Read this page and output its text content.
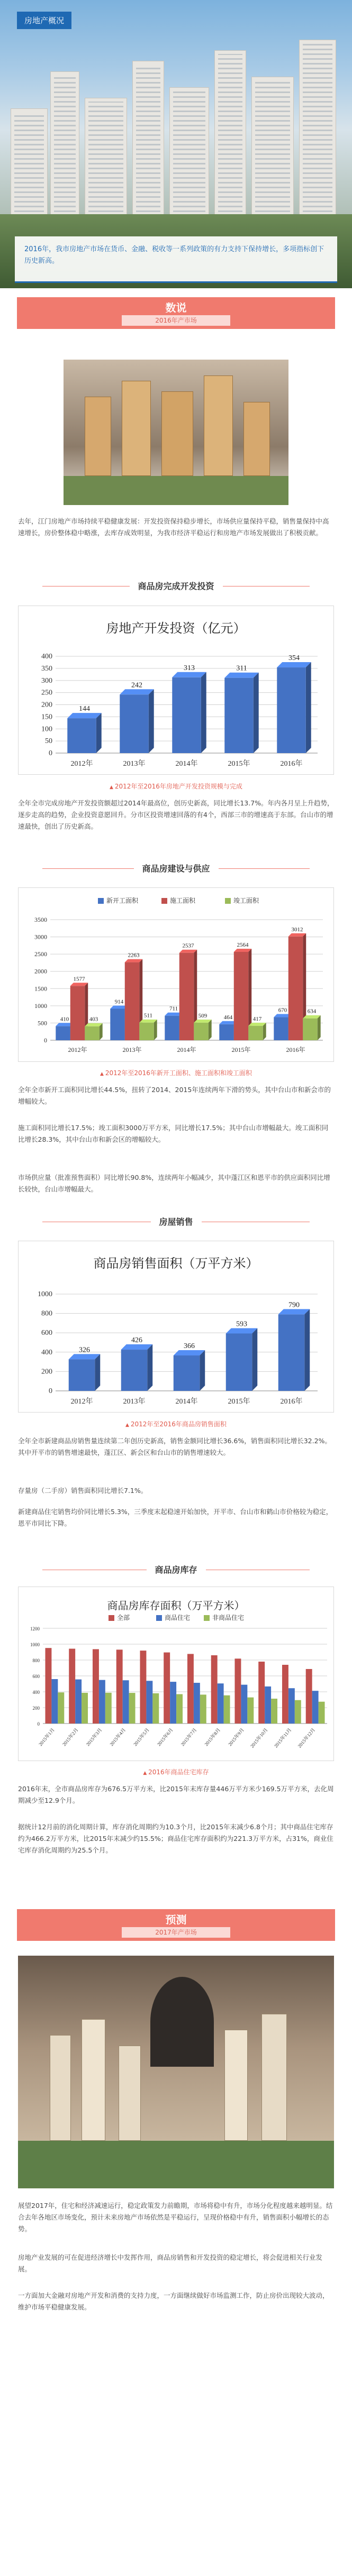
房地产概况
2016年，我市房地产市场在货币、金融、税收等一系列政策的有力支持下保持增长，多项指标创下历史新高。
数说
2016年产市场
去年，江门房地产市场持续平稳健康发展：开发投资保持稳步增长，市场供应量保持平稳，销售量保持中高速增长，房价整体稳中略涨，去库存成效明显，为我市经济平稳运行和房地产市场发展做出了积极贡献。
商品房完成开发投资
房地产开发投资（亿元）
0
50
100
150
200
250
300
350
400
144
2012年
242
2013年
313
2014年
311
2015年
354
2016年
▲ 2012年至2016年房地产开发投资规模与完成
全年全市完成房地产开发投资额超过2014年最高位，创历史新高，同比增长13.7%。年内各月呈上升趋势，逐步走高的趋势，企业投资意愿回升。分市区投资增速回落的有4个，西部三市的增速高于东部。台山市的增速最快，创出了历史新高。
商品房建设与供应
新开工面积	施工面积	竣工面积
0
500
1000
1500
2000
2500
3000
3500
410
1577
403
2012年
914
2263
511
2013年
711
2537
509
2014年
464
2564
417
2015年
670
3012
634
2016年
▲ 2012年至2016年新开工面积、施工面积和竣工面积
全年全市新开工面积同比增长44.5%，扭转了2014、2015年连续两年下滑的势头，其中台山市和新会市的增幅较大。
施工面积同比增长17.5%；竣工面积3000万平方米，同比增长17.5%；其中台山市增幅最大。竣工面积同比增长28.3%，其中台山市和新会区的增幅较大。
市场供应量（批准预售面积）同比增长90.8%，连续两年小幅减少，其中蓬江区和恩平市的供应面积同比增长较快，台山市增幅最大。
房屋销售
商品房销售面积（万平方米）
0
200
400
600
800
1000
326
2012年
426
2013年
366
2014年
593
2015年
790
2016年
▲ 2012年至2016年商品房销售面积
全年全市新建商品房销售量连续第二年创历史新高，销售金额同比增长36.6%，销售面积同比增长32.2%。其中开平市的销售增速最快，蓬江区、新会区和台山市的销售增速较大。
存量房（二手房）销售面积同比增长7.1%。
新建商品住宅销售均价同比增长5.3%，三季度末起稳速开始加快，开平市、台山市和鹤山市价格较为稳定，恩平市同比下降。
商品房库存
商品房库存面积（万平方米）
全部	商品住宅	非商品住宅
0
200
400
600
800
1000
1200
2015年1月 2015年2月 2015年3月 2015年4月 2015年5月 2015年6月 2015年7月 2015年8月 2015年9月 2015年10月 2015年11月 2015年12月
▲ 2016年商品住宅库存
2016年末，全市商品房库存为676.5万平方米，比2015年末库存量446万平方米少169.5万平方米，去化周期减少至12.9个月。
据统计12月前的消化周期计算，库存消化周期约为10.3个月，比2015年末减少6.8个月；其中商品住宅库存约为466.2万平方米，比2015年末减少约15.5%；商品住宅库存面积约为221.3万平方米，占31%，商业住宅库存消化周期约为25.5个月。
预测
2017年产市场
展望2017年，住宅和经济减速运行，稳定政策发力前瞻期，市场将稳中有升，市场分化程度越来越明显。结合去年各地区市场变化，预计未来房地产市场依然是平稳运行，呈现价格稳中有升，销售面积小幅增长的态势。
房地产业发展的可在促进经济增长中发挥作用，商品房销售和开发投资的稳定增长，将会促进相关行业发展。
一方面加大金融对房地产开发和消费的支持力度，一方面继续做好市场监测工作，防止房价出现较大波动，维护市场平稳健康发展。
